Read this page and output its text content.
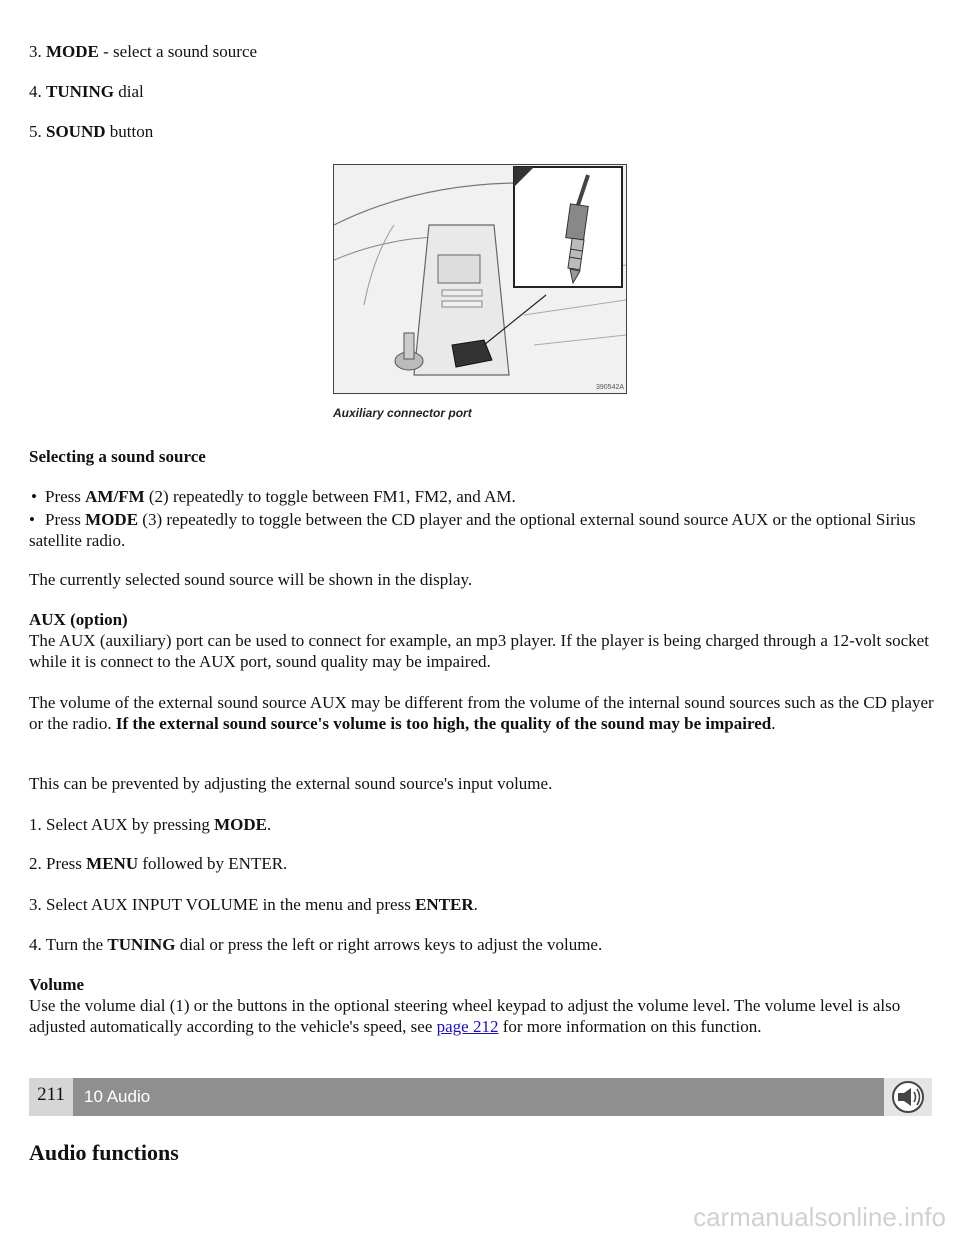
3. MODE - select a sound source
4. TUNING dial
5. SOUND button
390542A
Auxiliary connector port
Selecting a sound source
• Press AM/FM (2) repeatedly to toggle between FM1, FM2, and AM.
• Press MODE (3) repeatedly to toggle between the CD player and the optional external sound source AUX or the optional Sirius satellite radio.
The currently selected sound source will be shown in the display.
AUX (option)
The AUX (auxiliary) port can be used to connect for example, an mp3 player. If the player is being charged through a 12-volt socket while it is connect to the AUX port, sound quality may be impaired.
The volume of the external sound source AUX may be different from the volume of the internal sound sources such as the CD player or the radio. If the external sound source's volume is too high, the quality of the sound may be impaired.
This can be prevented by adjusting the external sound source's input volume.
1. Select AUX by pressing MODE.
2. Press MENU followed by ENTER.
3. Select AUX INPUT VOLUME in the menu and press ENTER.
4. Turn the TUNING dial or press the left or right arrows keys to adjust the volume.
Volume
Use the volume dial (1) or the buttons in the optional steering wheel keypad to adjust the volume level. The volume level is also adjusted automatically according to the vehicle's speed, see page 212 for more information on this function.
211	10 Audio
Audio functions
carmanualsonline.info
